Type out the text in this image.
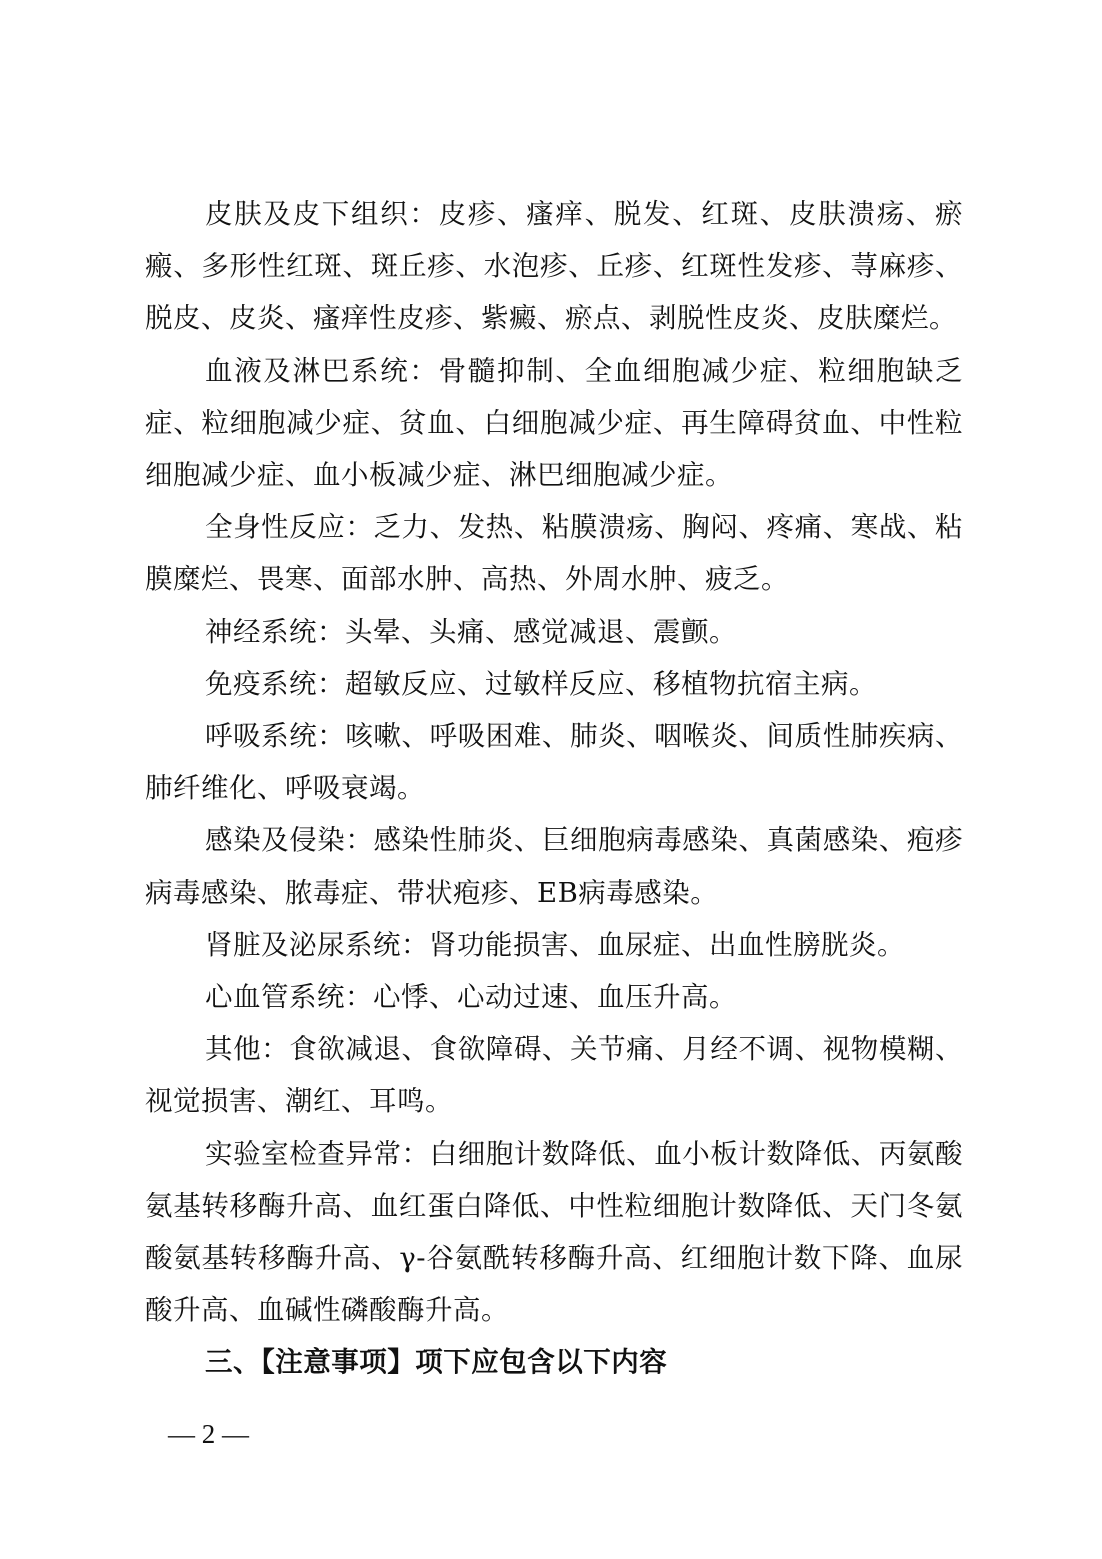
皮肤及皮下组织：皮疹、瘙痒、脱发、红斑、皮肤溃疡、瘀瘢、多形性红斑、斑丘疹、水泡疹、丘疹、红斑性发疹、荨麻疹、脱皮、皮炎、瘙痒性皮疹、紫癜、瘀点、剥脱性皮炎、皮肤糜烂。

血液及淋巴系统：骨髓抑制、全血细胞减少症、粒细胞缺乏症、粒细胞减少症、贫血、白细胞减少症、再生障碍贫血、中性粒细胞减少症、血小板减少症、淋巴细胞减少症。

全身性反应：乏力、发热、粘膜溃疡、胸闷、疼痛、寒战、粘膜糜烂、畏寒、面部水肿、高热、外周水肿、疲乏。

神经系统：头晕、头痛、感觉减退、震颤。

免疫系统：超敏反应、过敏样反应、移植物抗宿主病。

呼吸系统：咳嗽、呼吸困难、肺炎、咽喉炎、间质性肺疾病、肺纤维化、呼吸衰竭。

感染及侵染：感染性肺炎、巨细胞病毒感染、真菌感染、疱疹病毒感染、脓毒症、带状疱疹、EB病毒感染。

肾脏及泌尿系统：肾功能损害、血尿症、出血性膀胱炎。

心血管系统：心悸、心动过速、血压升高。

其他：食欲减退、食欲障碍、关节痛、月经不调、视物模糊、视觉损害、潮红、耳鸣。

实验室检查异常：白细胞计数降低、血小板计数降低、丙氨酸氨基转移酶升高、血红蛋白降低、中性粒细胞计数降低、天门冬氨酸氨基转移酶升高、γ-谷氨酰转移酶升高、红细胞计数下降、血尿酸升高、血碱性磷酸酶升高。

三、【注意事项】项下应包含以下内容

— 2 —
